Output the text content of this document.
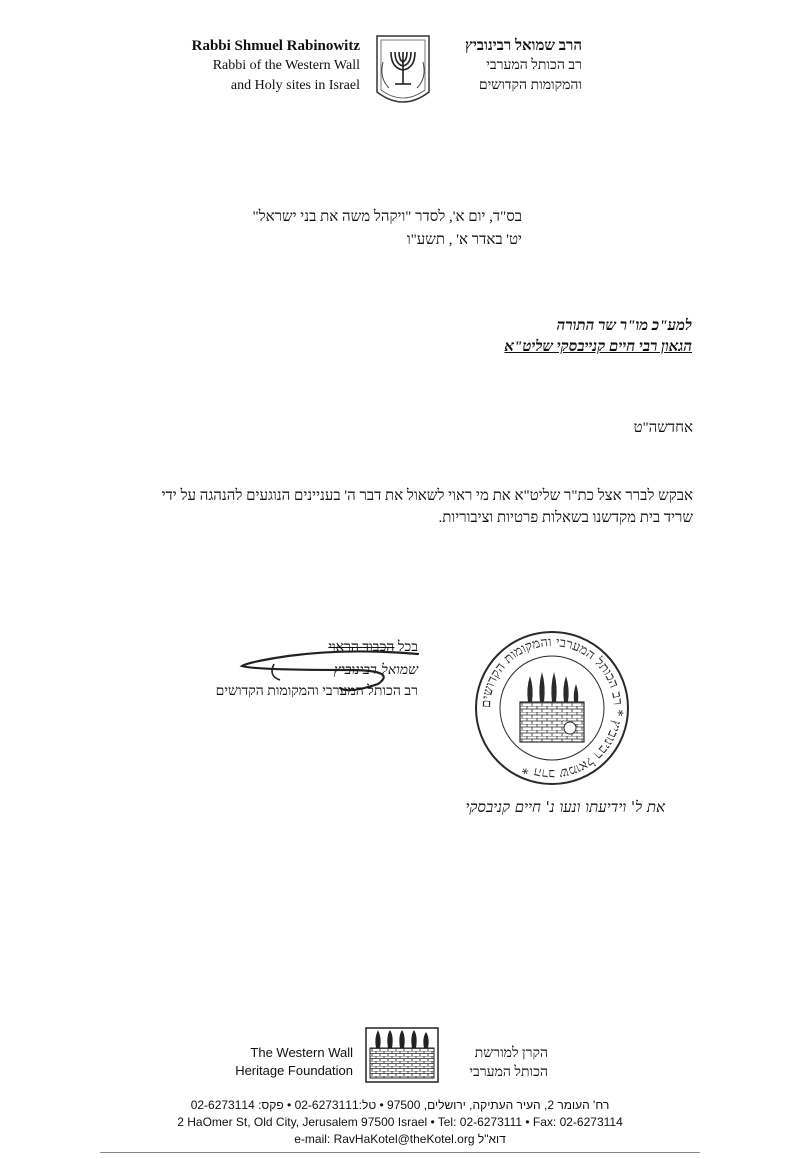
Rabbi Shmuel Rabinowitz
Rabbi of the Western Wall
and Holy sites in Israel
הרב שמואל רבינוביץ
רב הכותל המערבי
והמקומות הקדושים
בס"ד, יום א', לסדר "ויקהל משה את בני ישראל"
יט' באדר א' , תשע"ו
למע"כ מו"ר שר התורה
הגאון רבי חיים קנייבסקי שליט"א
אחדשה"ט
אבקש לברר אצל כת"ר שליט"א את מי ראוי לשאול את דבר ה' בעניינים הנוגעים להנהגה על ידי
שריד בית מקדשנו בשאלות פרטיות וציבוריות.
בכל הכבוד הראוי
שמואל רבינוביץ
רב הכותל המערבי והמקומות הקדושים
הרב שמואל רבינוביץ * רב הכותל המערבי והמקומות הקדושים *
את ל' וידיעתו ונעו נ' חיים קניבסקי
The Western Wall
Heritage Foundation
הקרן למורשת
הכותל המערבי
רח' העומר 2, העיר העתיקה, ירושלים, 97500 • טל:02-6273111 • פקס: 02-6273114
2 HaOmer St, Old City, Jerusalem 97500 Israel • Tel: 02-6273111 • Fax: 02-6273114
e-mail: RavHaKotel@theKotel.org דוא"ל
